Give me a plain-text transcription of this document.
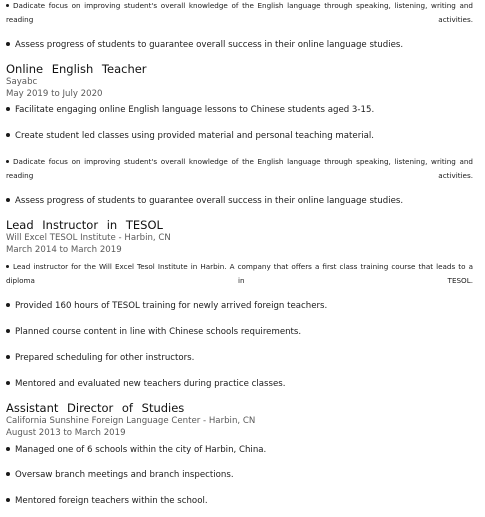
Dadicate focus on improving student's overall knowledge of the English language through speaking, listening, writing and reading activities.
Assess progress of students to guarantee overall success in their online language studies.
Online English Teacher
Sayabc
May 2019 to July 2020
Facilitate engaging online English language lessons to Chinese students aged 3-15.
Create student led classes using provided material and personal teaching material.
Dadicate focus on improving student's overall knowledge of the English language through speaking, listening, writing and reading activities.
Assess progress of students to guarantee overall success in their online language studies.
Lead Instructor in TESOL
Will Excel TESOL Institute - Harbin, CN
March 2014 to March 2019
Lead instructor for the Will Excel Tesol Institute in Harbin. A company that offers a first class training course that leads to a diploma in TESOL.
Provided 160 hours of TESOL training for newly arrived foreign teachers.
Planned course content in line with Chinese schools requirements.
Prepared scheduling for other instructors.
Mentored and evaluated new teachers during practice classes.
Assistant Director of Studies
California Sunshine Foreign Language Center - Harbin, CN
August 2013 to March 2019
Managed one of 6 schools within the city of Harbin, China.
Oversaw branch meetings and branch inspections.
Mentored foreign teachers within the school.
